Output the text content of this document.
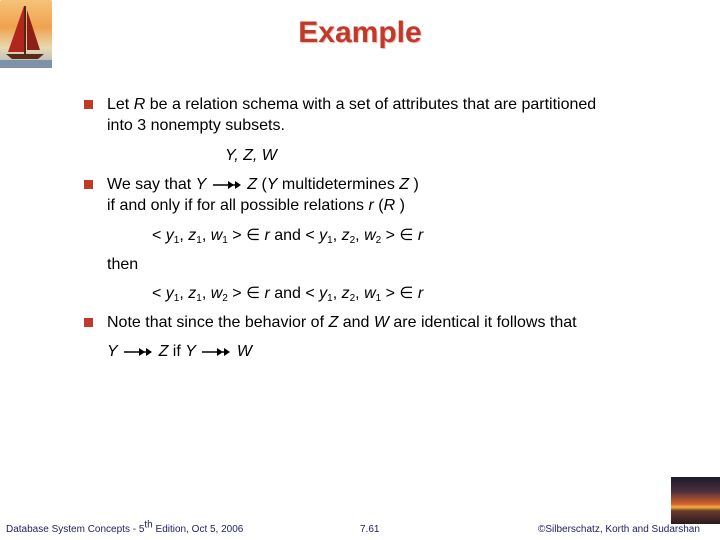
Example
Let R be a relation schema with a set of attributes that are partitioned
into 3 nonempty subsets.
Y, Z, W
We say that Y	Z (Y multidetermines Z )
if and only if for all possible relations r (R )
< $y_1$, $z_1$, $w_1$ > ∈ r and < $y_1$, $z_2$, $w_2$ > ∈ r
then
< $y_1$, $z_1$, $w_2$ > ∈ r and < $y_1$, $z_2$, $w_1$ > ∈ r
Note that since the behavior of Z and W are identical it follows that
Y	Z if Y	W
Database System Concepts - 5th Edition, Oct 5, 2006	7.61	©Silberschatz, Korth and Sudarshan
